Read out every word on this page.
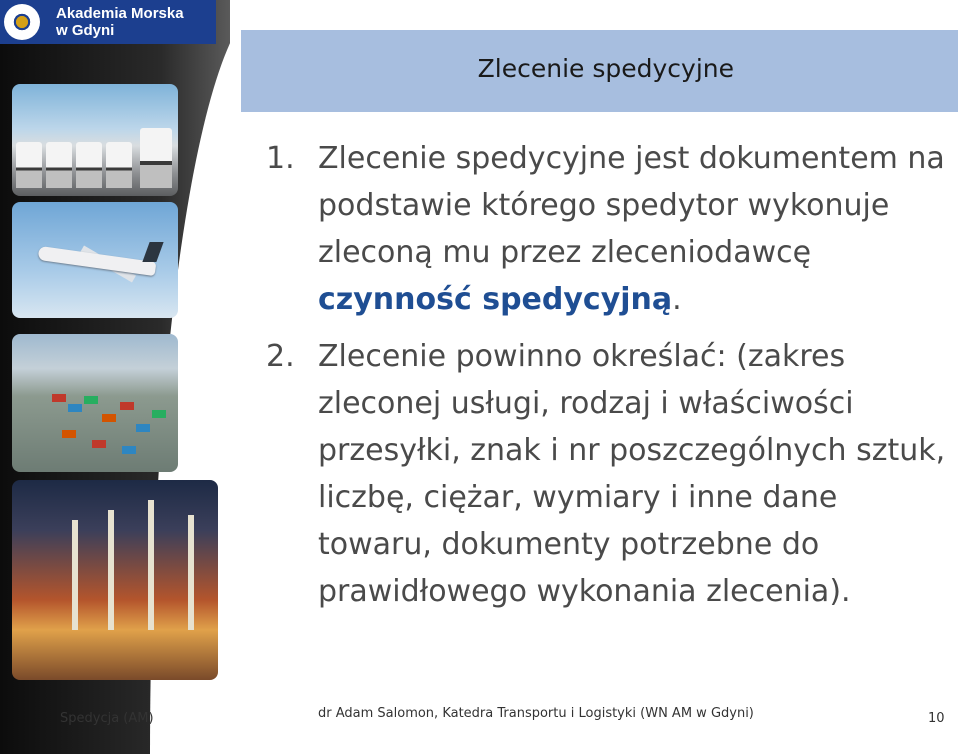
Akademia Morska
w Gdyni
Zlecenie spedycyjne
1. Zlecenie spedycyjne jest dokumentem na podstawie którego spedytor wykonuje zleconą mu przez zleceniodawcę czynność spedycyjną.
2. Zlecenie powinno określać: (zakres zleconej usługi, rodzaj i właściwości przesyłki, znak i nr poszczególnych sztuk, liczbę, ciężar, wymiary i inne dane towaru, dokumenty potrzebne do prawidłowego wykonania zlecenia).
Spedycja (AM)	dr Adam Salomon, Katedra Transportu i Logistyki (WN AM w Gdyni)	10
